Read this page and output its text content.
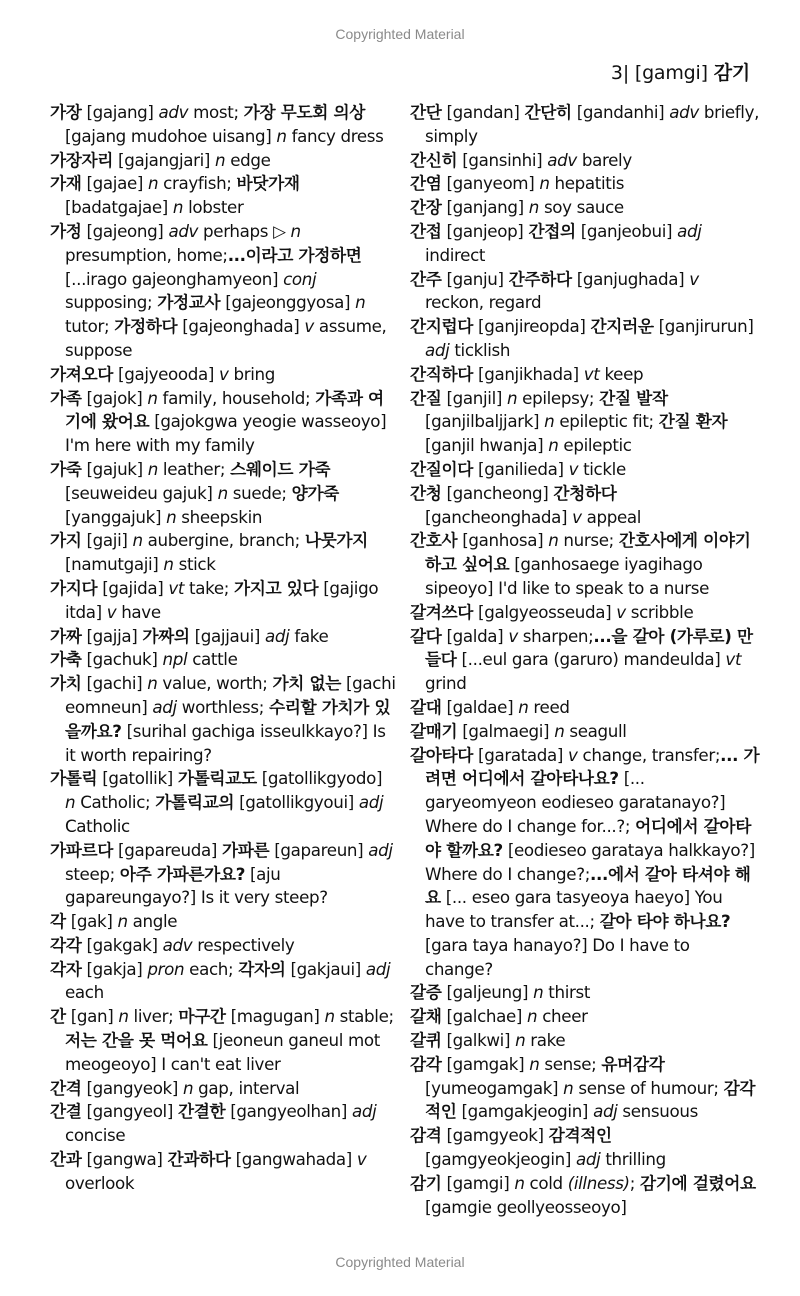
Copyrighted Material
3| [gamgi] 감기
가장 [gajang] adv most; 가장 무도회 의상 [gajang mudohoe uisang] n fancy dress
가장자리 [gajangjari] n edge
가재 [gajae] n crayfish; 바닷가재 [badatgajae] n lobster
가정 [gajeong] adv perhaps ▷ n presumption, home;...이라고 가정하면 [...irago gajeonghamyeon] conj supposing; 가정교사 [gajeonggyosa] n tutor; 가정하다 [gajeonghada] v assume, suppose
가져오다 [gajyeooda] v bring
가족 [gajok] n family, household; 가족과 여기에 왔어요 [gajokgwa yeogie wasseoyo] I'm here with my family
가죽 [gajuk] n leather; 스웨이드 가죽 [seuweideu gajuk] n suede; 양가죽 [yanggajuk] n sheepskin
가지 [gaji] n aubergine, branch; 나뭇가지 [namutgaji] n stick
가지다 [gajida] vt take; 가지고 있다 [gajigo itda] v have
가짜 [gajja] 가짜의 [gajjaui] adj fake
가축 [gachuk] npl cattle
가치 [gachi] n value, worth; 가치 없는 [gachi eomneun] adj worthless; 수리할 가치가 있을까요? [surihal gachiga isseulkkayo?] Is it worth repairing?
가톨릭 [gatollik] 가톨릭교도 [gatollikgyodo] n Catholic; 가톨릭교의 [gatollikgyoui] adj Catholic
가파르다 [gapareuda] 가파른 [gapareun] adj steep; 아주 가파른가요? [aju gapareungayo?] Is it very steep?
각 [gak] n angle
각각 [gakgak] adv respectively
각자 [gakja] pron each; 각자의 [gakjaui] adj each
간 [gan] n liver; 마구간 [magugan] n stable; 저는 간을 못 먹어요 [jeoneun ganeul mot meogeoyo] I can't eat liver
간격 [gangyeok] n gap, interval
간결 [gangyeol] 간결한 [gangyeolhan] adj concise
간과 [gangwa] 간과하다 [gangwahada] v overlook
간단 [gandan] 간단히 [gandanhi] adv briefly, simply
간신히 [gansinhi] adv barely
간염 [ganyeom] n hepatitis
간장 [ganjang] n soy sauce
간접 [ganjeop] 간접의 [ganjeobui] adj indirect
간주 [ganju] 간주하다 [ganjughada] v reckon, regard
간지럽다 [ganjireopda] 간지러운 [ganjirurun] adj ticklish
간직하다 [ganjikhada] vt keep
간질 [ganjil] n epilepsy; 간질 발작 [ganjilbaljjark] n epileptic fit; 간질 환자 [ganjil hwanja] n epileptic
간질이다 [ganilieda] v tickle
간청 [gancheong] 간청하다 [gancheonghada] v appeal
간호사 [ganhosa] n nurse; 간호사에게 이야기하고 싶어요 [ganhosaege iyagihago sipeoyo] I'd like to speak to a nurse
갈겨쓰다 [galgyeosseuda] v scribble
갈다 [galda] v sharpen;...을 갈아 (가루로) 만들다 [...eul gara (garuro) mandeulda] vt grind
갈대 [galdae] n reed
갈매기 [galmaegi] n seagull
갈아타다 [garatada] v change, transfer;... 가려면 어디에서 갈아타나요? [... garyeomyeon eodieseo garatanayo?] Where do I change for...?; 어디에서 갈아타야 할까요? [eodieseo garataya halkkayo?] Where do I change?;...에서 갈아 타셔야 해요 [... eseo gara tasyeoya haeyo] You have to transfer at...; 갈아 타야 하나요? [gara taya hanayo?] Do I have to change?
갈증 [galjeung] n thirst
갈채 [galchae] n cheer
갈퀴 [galkwi] n rake
감각 [gamgak] n sense; 유머감각 [yumeogamgak] n sense of humour; 감각적인 [gamgakjeogin] adj sensuous
감격 [gamgyeok] 감격적인 [gamgyeokjeogin] adj thrilling
감기 [gamgi] n cold (illness); 감기에 걸렸어요 [gamgie geollyeosseoyo]
Copyrighted Material
